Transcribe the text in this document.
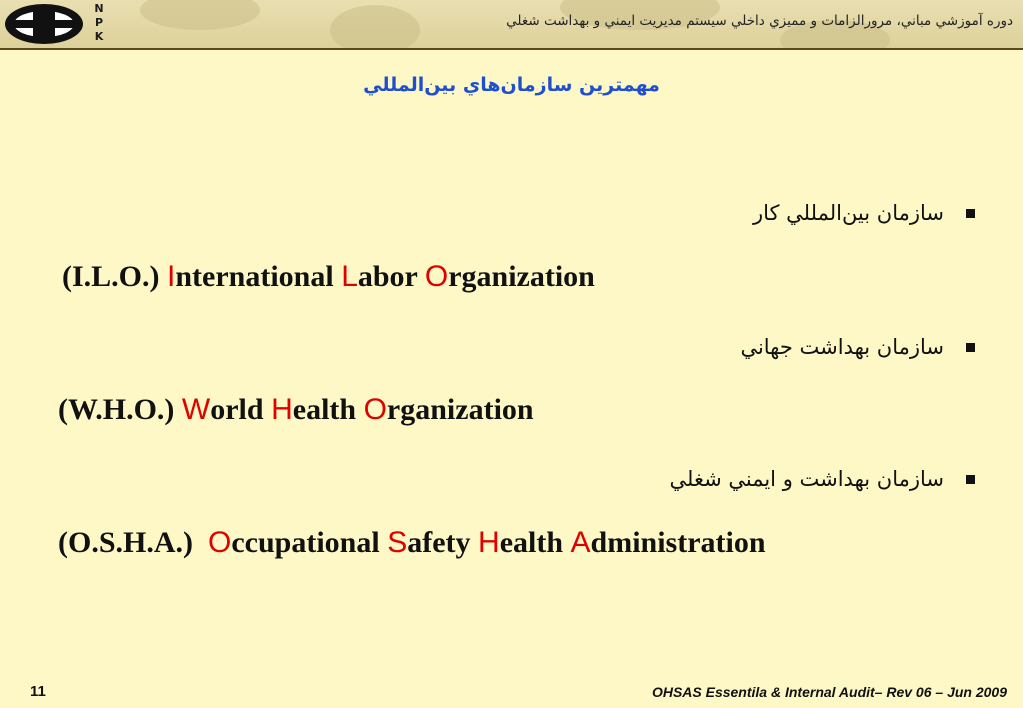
N
P
K
دوره آموزشي مباني، مرورالزامات و مميزي داخلي سيستم مديريت ايمني و بهداشت شغلي
مهمترين سازمان‌هاي بين‌المللي
سازمان بين‌المللي كار
(I.L.O.) International Labor Organization
سازمان بهداشت جهاني
(W.H.O.) World Health Organization
سازمان بهداشت و ايمني شغلي
(O.S.H.A.) Occupational Safety Health Administration
11	OHSAS Essentila & Internal Audit– Rev 06 – Jun 2009
